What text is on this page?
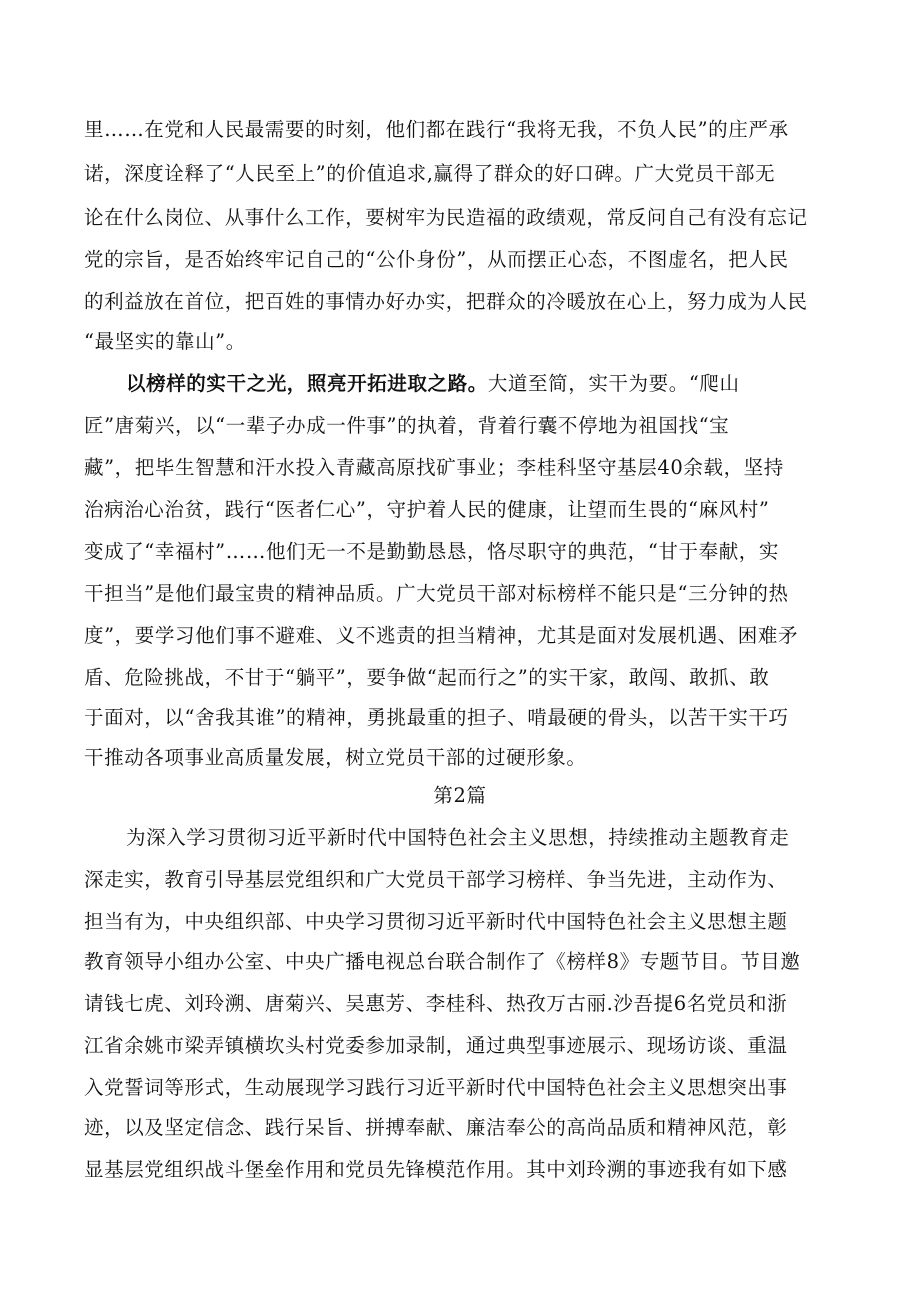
里……在党和人民最需要的时刻，他们都在践行“我将无我，不负人民”的庄严承
诺，深度诠释了“人民至上”的价值追求,赢得了群众的好口碑。广大党员干部无
论在什么岗位、从事什么工作，要树牢为民造福的政绩观，常反问自己有没有忘记
党的宗旨，是否始终牢记自己的“公仆身份”，从而摆正心态，不图虚名，把人民
的利益放在首位，把百姓的事情办好办实，把群众的冷暖放在心上，努力成为人民
“最坚实的靠山”。
以榜样的实干之光，照亮开拓进取之路。大道至简，实干为要。“爬山
匠”唐菊兴，以“一辈子办成一件事”的执着，背着行囊不停地为祖国找“宝
藏”，把毕生智慧和汗水投入青藏高原找矿事业；李桂科坚守基层40余载，坚持
治病治心治贫，践行“医者仁心”，守护着人民的健康，让望而生畏的“麻风村”
变成了“幸福村”……他们无一不是勤勤恳恳，恪尽职守的典范，“甘于奉献，实
干担当”是他们最宝贵的精神品质。广大党员干部对标榜样不能只是“三分钟的热
度”，要学习他们事不避难、义不逃责的担当精神，尤其是面对发展机遇、困难矛
盾、危险挑战，不甘于“躺平”，要争做“起而行之”的实干家，敢闯、敢抓、敢
于面对，以“舍我其谁”的精神，勇挑最重的担子、啃最硬的骨头，以苦干实干巧
干推动各项事业高质量发展，树立党员干部的过硬形象。
第2篇
为深入学习贯彻习近平新时代中国特色社会主义思想，持续推动主题教育走
深走实，教育引导基层党组织和广大党员干部学习榜样、争当先进，主动作为、
担当有为，中央组织部、中央学习贯彻习近平新时代中国特色社会主义思想主题
教育领导小组办公室、中央广播电视总台联合制作了《榜样8》专题节目。节目邀
请钱七虎、刘玲溯、唐菊兴、吴惠芳、李桂科、热孜万古丽.沙吾提6名党员和浙
江省余姚市梁弄镇横坎头村党委参加录制，通过典型事迹展示、现场访谈、重温
入党誓词等形式，生动展现学习践行习近平新时代中国特色社会主义思想突出事
迹，以及坚定信念、践行呆旨、拼搏奉献、廉洁奉公的高尚品质和精神风范，彰
显基层党组织战斗堡垒作用和党员先锋模范作用。其中刘玲溯的事迹我有如下感
